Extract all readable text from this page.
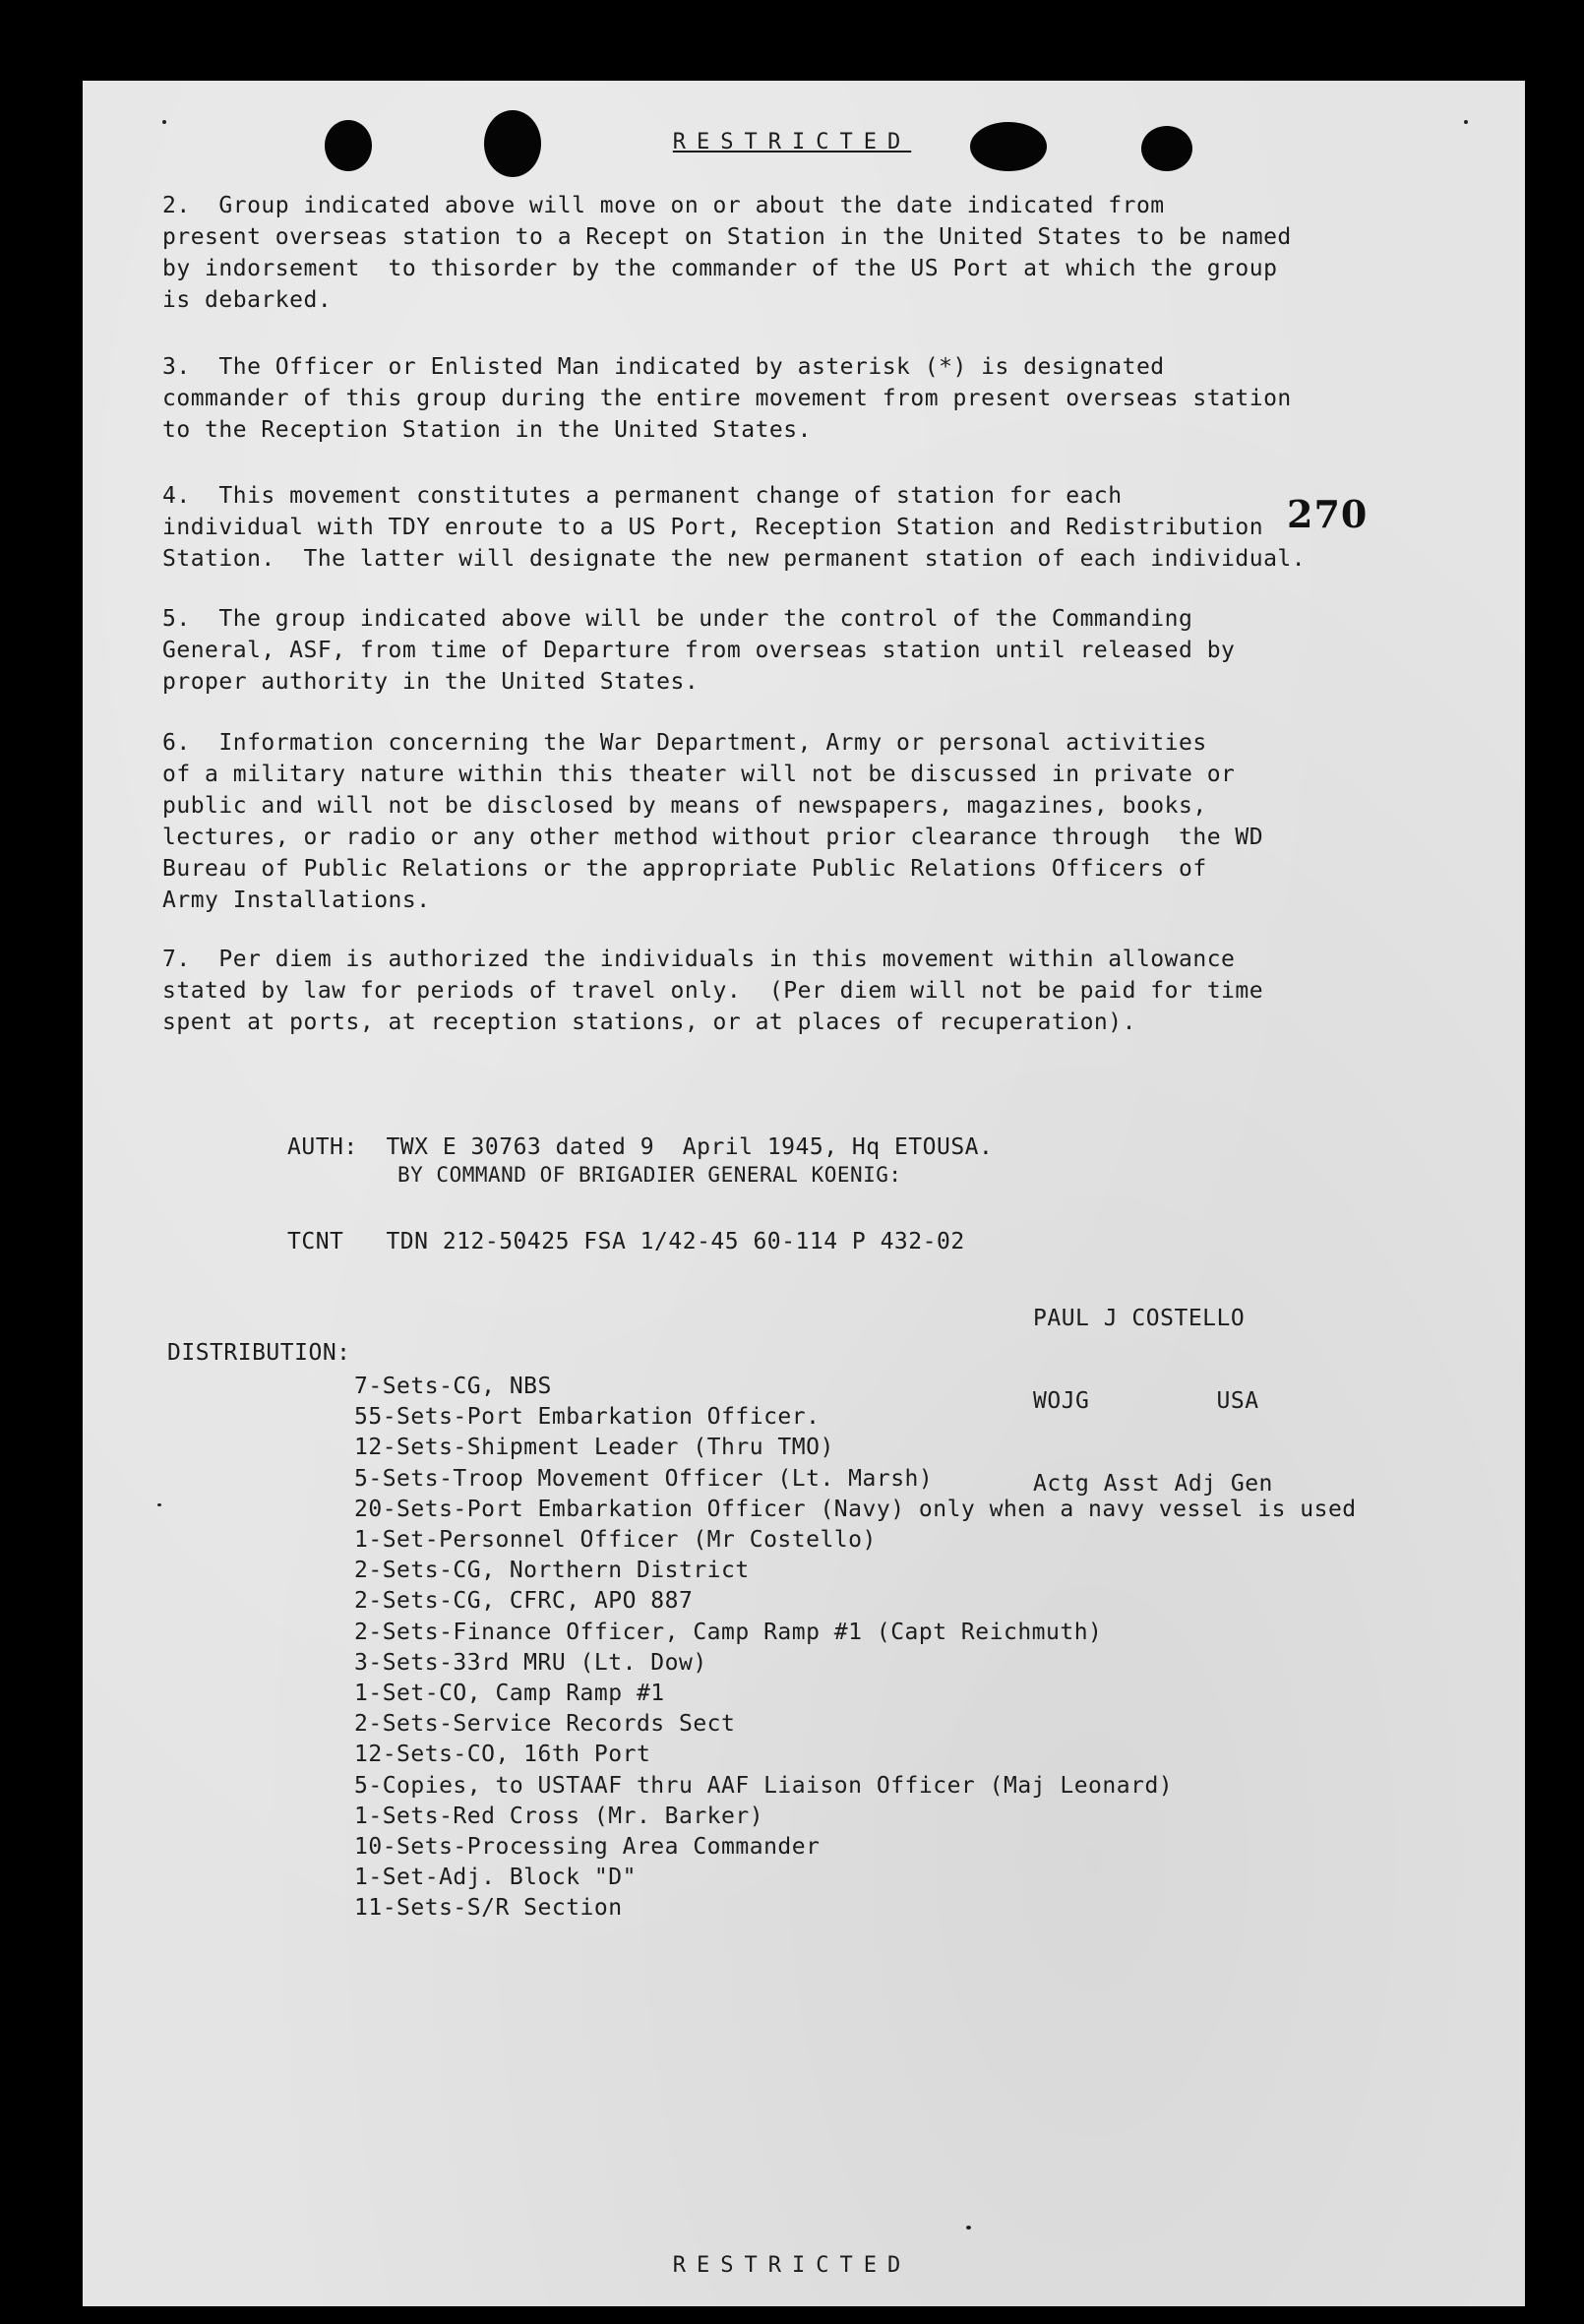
RESTRICTED
2.  Group indicated above will move on or about the date indicated from
present overseas station to a Recept on Station in the United States to be named
by indorsement  to thisorder by the commander of the US Port at which the group
is debarked.
3.  The Officer or Enlisted Man indicated by asterisk (*) is designated
commander of this group during the entire movement from present overseas station
to the Reception Station in the United States.
4.  This movement constitutes a permanent change of station for each
individual with TDY enroute to a US Port, Reception Station and Redistribution
Station.  The latter will designate the new permanent station of each individual.
270
5.  The group indicated above will be under the control of the Commanding
General, ASF, from time of Departure from overseas station until released by
proper authority in the United States.
6.  Information concerning the War Department, Army or personal activities
of a military nature within this theater will not be discussed in private or
public and will not be disclosed by means of newspapers, magazines, books,
lectures, or radio or any other method without prior clearance through  the WD
Bureau of Public Relations or the appropriate Public Relations Officers of
Army Installations.
7.  Per diem is authorized the individuals in this movement within allowance
stated by law for periods of travel only.  (Per diem will not be paid for time
spent at ports, at reception stations, or at places of recuperation).

AUTH: TWX E 30763 dated 9  April 1945, Hq ETOUSA.

TCNT TDN 212-50425 FSA 1/42-45 60-114 P 432-02

BY COMMAND OF BRIGADIER GENERAL KOENIG:

PAUL J COSTELLO

WOJG         USA

Actg Asst Adj Gen

DISTRIBUTION:
7-Sets-CG, NBS
55-Sets-Port Embarkation Officer.
12-Sets-Shipment Leader (Thru TMO)
5-Sets-Troop Movement Officer (Lt. Marsh)
20-Sets-Port Embarkation Officer (Navy) only when a navy vessel is used
1-Set-Personnel Officer (Mr Costello)
2-Sets-CG, Northern District
2-Sets-CG, CFRC, APO 887
2-Sets-Finance Officer, Camp Ramp #1 (Capt Reichmuth)
3-Sets-33rd MRU (Lt. Dow)
1-Set-CO, Camp Ramp #1
2-Sets-Service Records Sect
12-Sets-CO, 16th Port
5-Copies, to USTAAF thru AAF Liaison Officer (Maj Leonard)
1-Sets-Red Cross (Mr. Barker)
10-Sets-Processing Area Commander
1-Set-Adj. Block "D"
11-Sets-S/R Section
RESTRICTED
